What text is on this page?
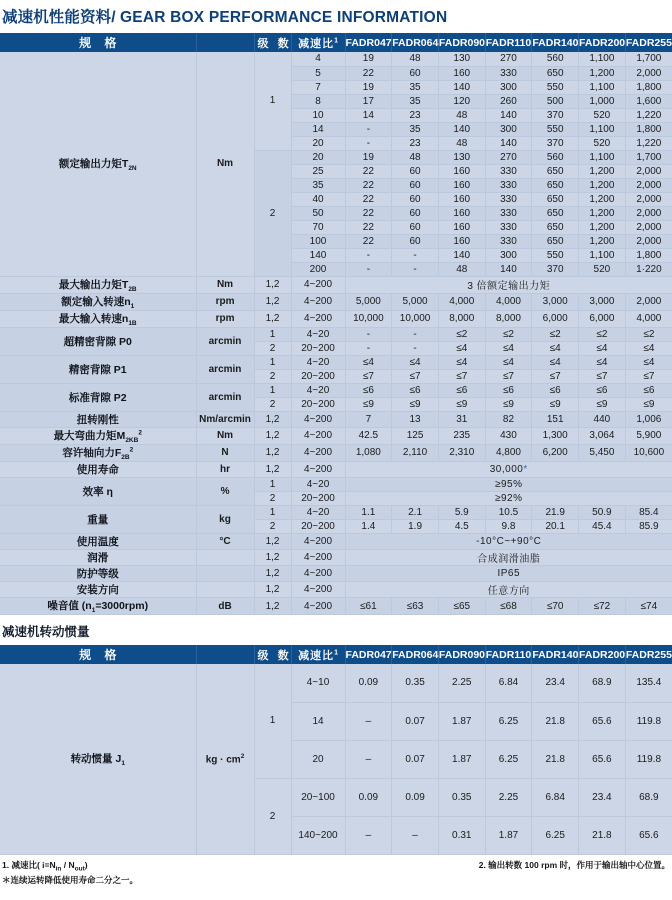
减速机性能资料/ GEAR BOX PERFORMANCE INFORMATION
规 格		级 数	减速比$^1$	FADR047	FADR064	FADR090	FADR110	FADR140	FADR200	FADR255
额定输出力矩$T_{2N}$	Nm	1	4	19	48	130	270	560	1,100	1,700
			5	22	60	160	330	650	1,200	2,000
			7	19	35	140	300	550	1,100	1,800
			8	17	35	120	260	500	1,000	1,600
			10	14	23	48	140	370	520	1,220
			14	-	35	140	300	550	1,100	1,800
			20	-	23	48	140	370	520	1,220
		2	20	19	48	130	270	560	1,100	1,700
			25	22	60	160	330	650	1,200	2,000
			35	22	60	160	330	650	1,200	2,000
			40	22	60	160	330	650	1,200	2,000
			50	22	60	160	330	650	1,200	2,000
			70	22	60	160	330	650	1,200	2,000
			100	22	60	160	330	650	1,200	2,000
			140	-	-	140	300	550	1,100	1,800
			200	-	-	48	140	370	520	1·220
最大输出力矩$T_{2B}$	Nm	1,2	4~200	3 倍额定输出力矩						
额定输入转速$n_1$	rpm	1,2	4~200	5,000	5,000	4,000	4,000	3,000	3,000	2,000
最大输入转速$n_{1B}$	rpm	1,2	4~200	10,000	10,000	8,000	8,000	6,000	6,000	4,000
超精密背隙 P0	arcmin	1	4~20	-	-	≤2	≤2	≤2	≤2	≤2
		2	20~200	-	-	≤4	≤4	≤4	≤4	≤4
精密背隙 P1	arcmin	1	4~20	≤4	≤4	≤4	≤4	≤4	≤4	≤4
		2	20~200	≤7	≤7	≤7	≤7	≤7	≤7	≤7
标准背隙 P2	arcmin	1	4~20	≤6	≤6	≤6	≤6	≤6	≤6	≤6
		2	20~200	≤9	≤9	≤9	≤9	≤9	≤9	≤9
扭转刚性	Nm/arcmin	1,2	4~200	7	13	31	82	151	440	1,006
最大弯曲力矩$M_{2KB}^2$	Nm	1,2	4~200	42.5	125	235	430	1,300	3,064	5,900
容许轴向力$F_{2B}^2$	N	1,2	4~200	1,080	2,110	2,310	4,800	6,200	5,450	10,600
使用寿命	hr	1,2	4~200	30,000*						
效率 η	%	1	4~20	≥95%						
		2	20~200	≥92%						
重量	kg	1	4~20	1.1	2.1	5.9	10.5	21.9	50.9	85.4
		2	20~200	1.4	1.9	4.5	9.8	20.1	45.4	85.9
使用温度	°C	1,2	4~200	-10°C~+90°C						
润滑		1,2	4~200	合成润滑油脂						
防护等级		1,2	4~200	IP65						
安装方向		1,2	4~200	任意方向						
噪音值 $(n_1=3000rpm)$	dB	1,2	4~200	≤61	≤63	≤65	≤68	≤70	≤72	≤74
减速机转动惯量
规 格		级 数	减速比$^1$	FADR047	FADR064	FADR090	FADR110	FADR140	FADR200	FADR255
转动惯量 $J_1$	kg · $cm^2$	1	4~10	0.09	0.35	2.25	6.84	23.4	68.9	135.4
			14	–	0.07	1.87	6.25	21.8	65.6	119.8
			20	–	0.07	1.87	6.25	21.8	65.6	119.8
		2	20~100	0.09	0.09	0.35	2.25	6.84	23.4	68.9
			140~200	–	–	0.31	1.87	6.25	21.8	65.6
1. 减速比( $i=N_{in} / N_{out}$)	2. 输出转数 100 rpm 时，作用于输出轴中心位置。
＊连续运转降低使用寿命二分之一。
